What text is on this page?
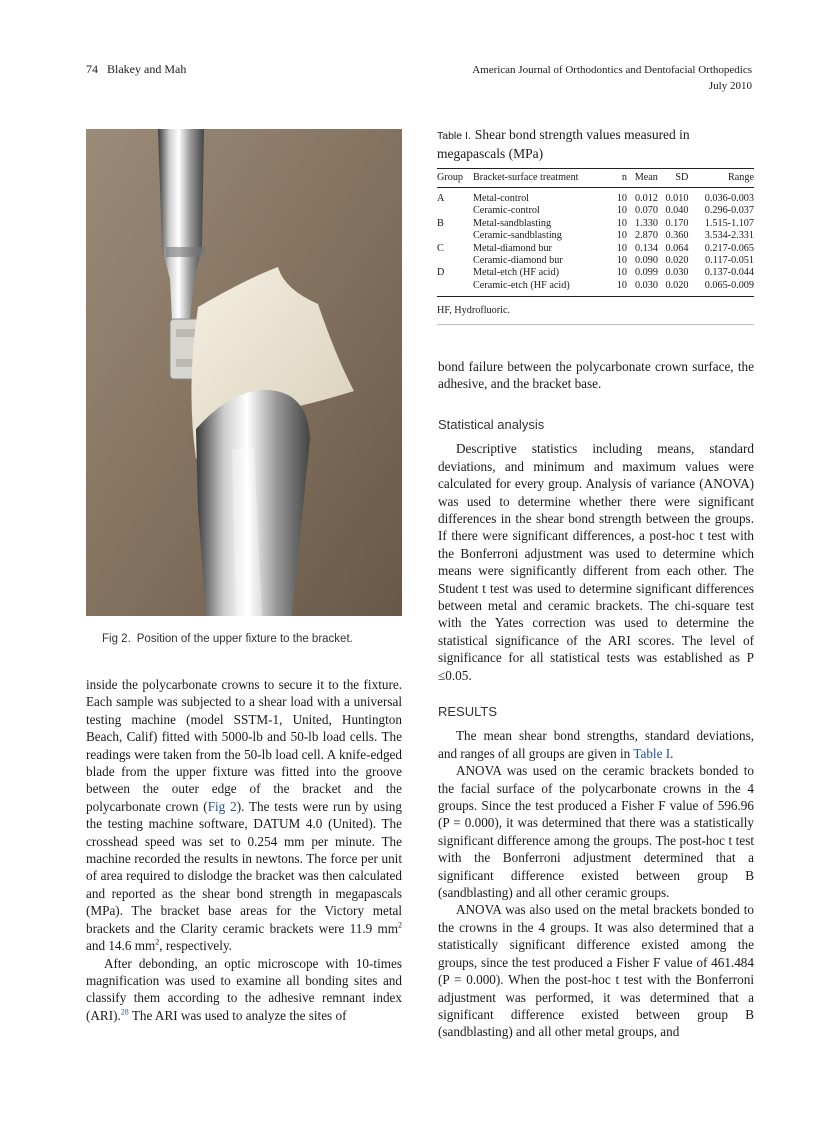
74 Blakey and Mah	American Journal of Orthodontics and Dentofacial Orthopedics
July 2010
Fig 2. Position of the upper fixture to the bracket.
Table I. Shear bond strength values measured in megapascals (MPa)
Group	Bracket-surface treatment	n	Mean	SD	Range
A	Metal-control	10	0.012	0.010	0.036-0.003
	Ceramic-control	10	0.070	0.040	0.296-0.037
B	Metal-sandblasting	10	1.330	0.170	1.515-1.107
	Ceramic-sandblasting	10	2.870	0.360	3.534-2.331
C	Metal-diamond bur	10	0.134	0.064	0.217-0.065
	Ceramic-diamond bur	10	0.090	0.020	0.117-0.051
D	Metal-etch (HF acid)	10	0.099	0.030	0.137-0.044
	Ceramic-etch (HF acid)	10	0.030	0.020	0.065-0.009
HF, Hydrofluoric.

inside the polycarbonate crowns to secure it to the fixture. Each sample was subjected to a shear load with a universal testing machine (model SSTM-1, United, Huntington Beach, Calif) fitted with 5000-lb and 50-lb load cells. The readings were taken from the 50-lb load cell. A knife-edged blade from the upper fixture was fitted into the groove between the outer edge of the bracket and the polycarbonate crown (Fig 2). The tests were run by using the testing machine software, DATUM 4.0 (United). The crosshead speed was set to 0.254 mm per minute. The machine recorded the results in newtons. The force per unit of area required to dislodge the bracket was then calculated and reported as the shear bond strength in megapascals (MPa). The bracket base areas for the Victory metal brackets and the Clarity ceramic brackets were 11.9 $mm^2$ and 14.6 $mm^2$, respectively.

After debonding, an optic microscope with 10-times magnification was used to examine all bonding sites and classify them according to the adhesive remnant index (ARI).$^{28}$ The ARI was used to analyze the sites of

bond failure between the polycarbonate crown surface, the adhesive, and the bracket base.

Statistical analysis

Descriptive statistics including means, standard deviations, and minimum and maximum values were calculated for every group. Analysis of variance (ANOVA) was used to determine whether there were significant differences in the shear bond strength between the groups. If there were significant differences, a post-hoc t test with the Bonferroni adjustment was used to determine which means were significantly different from each other. The Student t test was used to determine significant differences between metal and ceramic brackets. The chi-square test with the Yates correction was used to determine the statistical significance of the ARI scores. The level of significance for all statistical tests was established as P ≤0.05.

RESULTS

The mean shear bond strengths, standard deviations, and ranges of all groups are given in Table I.

ANOVA was used on the ceramic brackets bonded to the facial surface of the polycarbonate crowns in the 4 groups. Since the test produced a Fisher F value of 596.96 (P = 0.000), it was determined that there was a statistically significant difference among the groups. The post-hoc t test with the Bonferroni adjustment determined that a significant difference existed between group B (sandblasting) and all other ceramic groups.

ANOVA was also used on the metal brackets bonded to the crowns in the 4 groups. It was also determined that a statistically significant difference existed among the groups, since the test produced a Fisher F value of 461.484 (P = 0.000). When the post-hoc t test with the Bonferroni adjustment was performed, it was determined that a significant difference existed between group B (sandblasting) and all other metal groups, and
